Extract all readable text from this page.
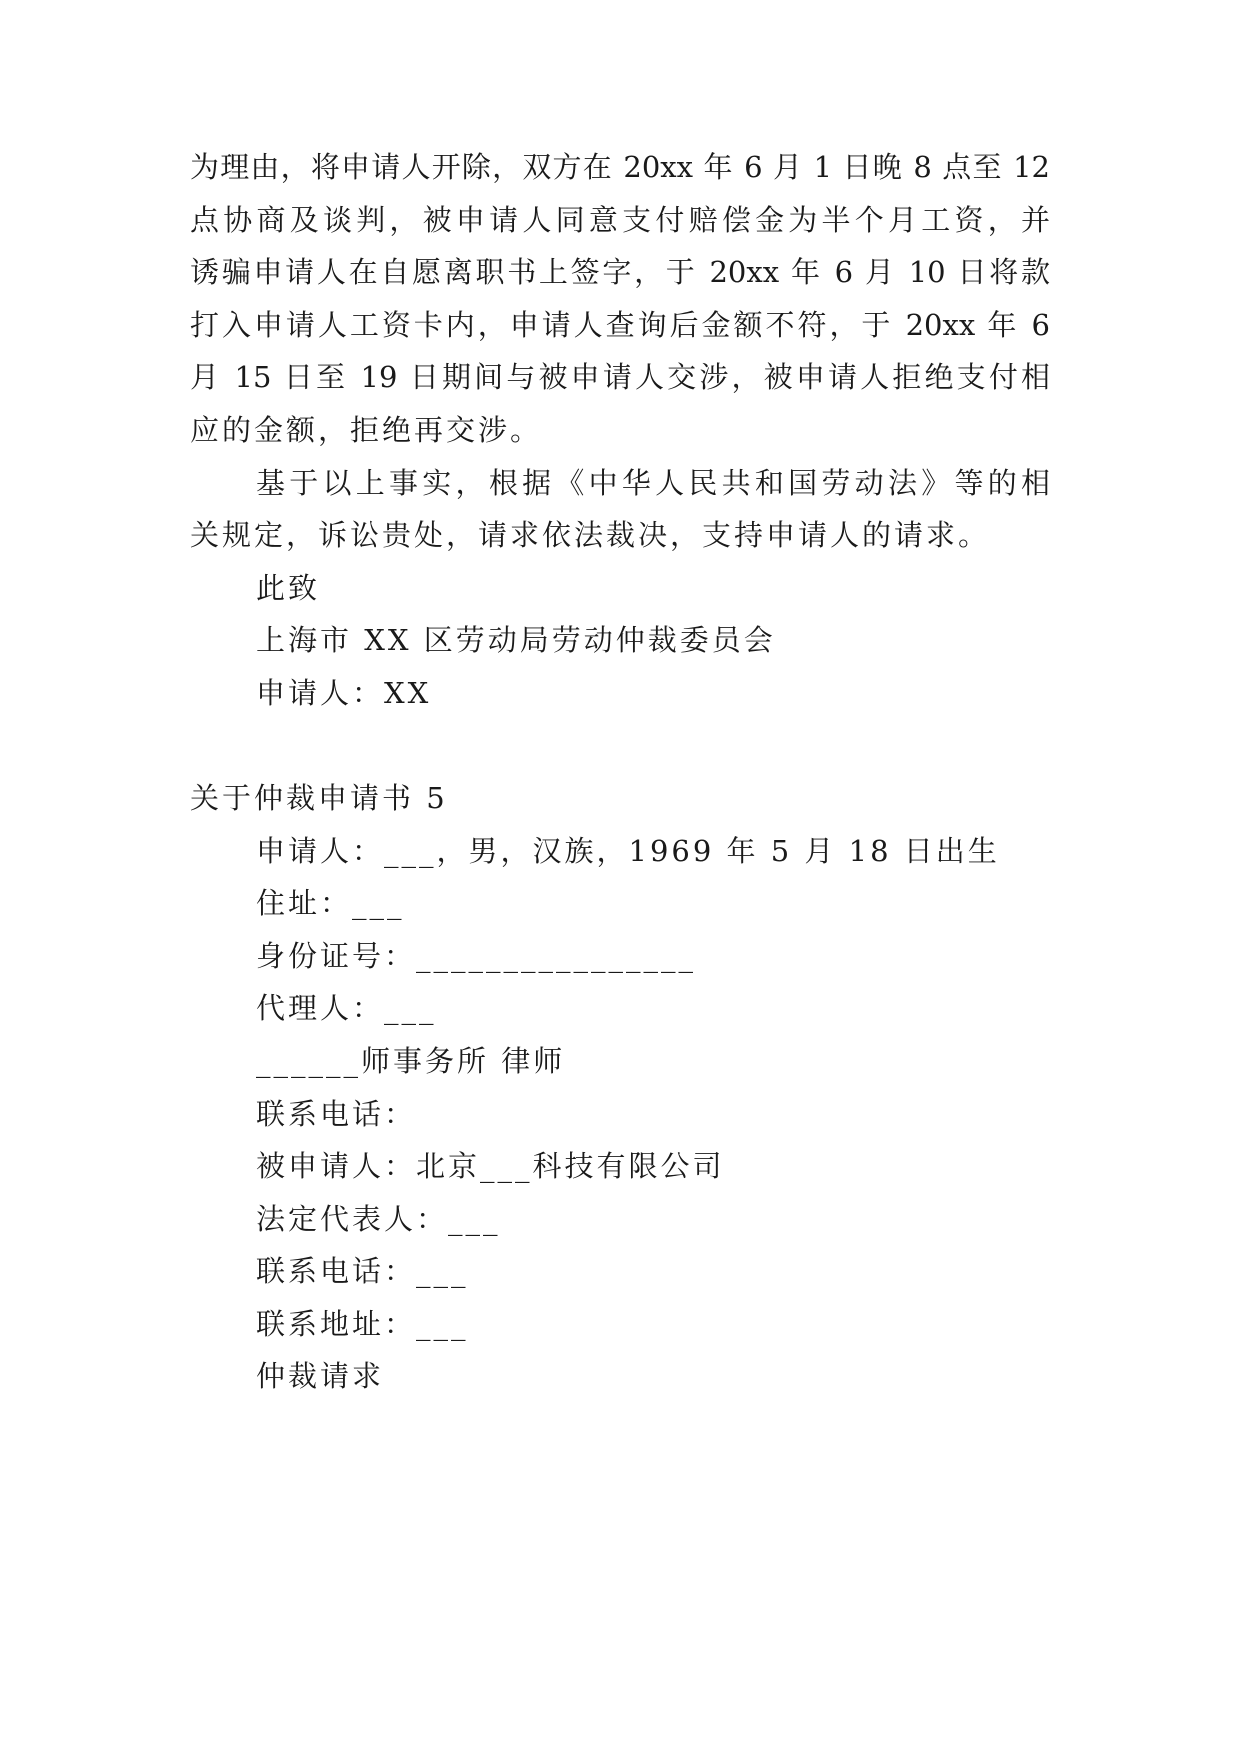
为理由，将申请人开除，双方在 20xx 年 6 月 1 日晚 8 点至 12
点协商及谈判，被申请人同意支付赔偿金为半个月工资，并
诱骗申请人在自愿离职书上签字，于 20xx 年 6 月 10 日将款
打入申请人工资卡内，申请人查询后金额不符，于 20xx 年 6
月 15 日至 19 日期间与被申请人交涉，被申请人拒绝支付相
应的金额，拒绝再交涉。
基于以上事实，根据《中华人民共和国劳动法》等的相
关规定，诉讼贵处，请求依法裁决，支持申请人的请求。
此致
上海市 XX 区劳动局劳动仲裁委员会
申请人：XX
关于仲裁申请书 5
申请人：___，男，汉族，1969 年 5 月 18 日出生
住址：___
身份证号：________________
代理人：___
______师事务所 律师
联系电话：
被申请人：北京___科技有限公司
法定代表人：___
联系电话：___
联系地址：___
仲裁请求
